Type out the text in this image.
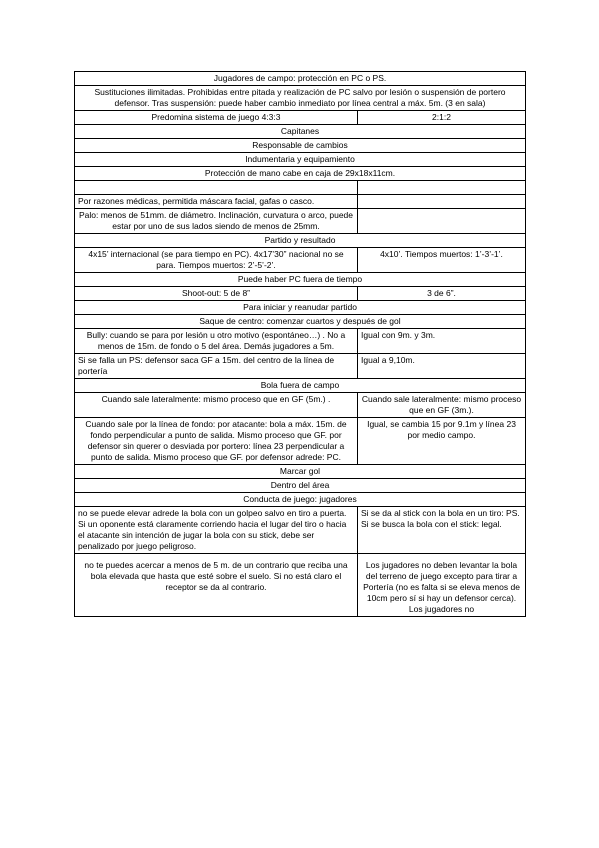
Jugadores de campo: protección en PC o PS.	
Sustituciones ilimitadas. Prohibidas entre pitada y realización de PC salvo por lesión o suspensión de portero defensor. Tras suspensión: puede haber cambio inmediato por línea central a máx. 5m. (3 en sala)	
Predomina sistema de juego 4:3:3	2:1:2
Capitanes	
Responsable de cambios	
Indumentaria y equipamiento	
Protección de mano cabe en caja de 29x18x11cm.	

Por razones médicas, permitida máscara facial, gafas o casco.	
Palo: menos de 51mm. de diámetro. Inclinación, curvatura o arco, puede estar por uno de sus lados siendo de menos de 25mm.	
Partido y resultado	
4x15’ internacional (se para tiempo en PC). 4x17’30” nacional no se para. Tiempos muertos: 2’-5’-2’.	4x10’. Tiempos muertos: 1’-3’-1’.
Puede haber PC fuera de tiempo	
Shoot-out: 5 de 8”	3 de 6”.
Para iniciar y reanudar partido	
Saque de centro: comenzar cuartos y después de gol	
Bully: cuando se para por lesión u otro motivo (espontáneo…) . No a menos de 15m. de fondo o 5 del área. Demás jugadores a 5m.	Igual con 9m. y 3m.
Si se falla un PS: defensor saca GF a 15m. del centro de la línea de portería	Igual a 9,10m.
Bola fuera de campo	
Cuando sale lateralmente: mismo proceso que en GF (5m.) .	Cuando sale lateralmente: mismo proceso que en GF (3m.).
Cuando sale por la línea de fondo: por atacante: bola a máx. 15m. de fondo perpendicular a punto de salida. Mismo proceso que GF. por defensor sin querer o desviada por portero: línea 23 perpendicular a punto de salida. Mismo proceso que GF. por defensor adrede: PC.	Igual, se cambia 15 por 9.1m y línea 23 por medio campo.
Marcar gol	
Dentro del área	
Conducta de juego: jugadores	
no se puede elevar adrede la bola con un golpeo salvo en tiro a puerta. Si un oponente está claramente corriendo hacia el lugar del tiro o hacia el atacante sin intención de jugar la bola con su stick, debe ser penalizado por juego peligroso.	Si se da al stick con la bola en un tiro: PS. Si se busca la bola con el stick: legal.
no te puedes acercar a menos de 5 m. de un contrario que reciba una bola elevada que hasta que esté sobre el suelo. Si no está claro el receptor se da al contrario.	Los jugadores no deben levantar la bola del terreno de juego excepto para tirar a Portería (no es falta si se eleva menos de 10cm pero sí si hay un defensor cerca). Los jugadores no
